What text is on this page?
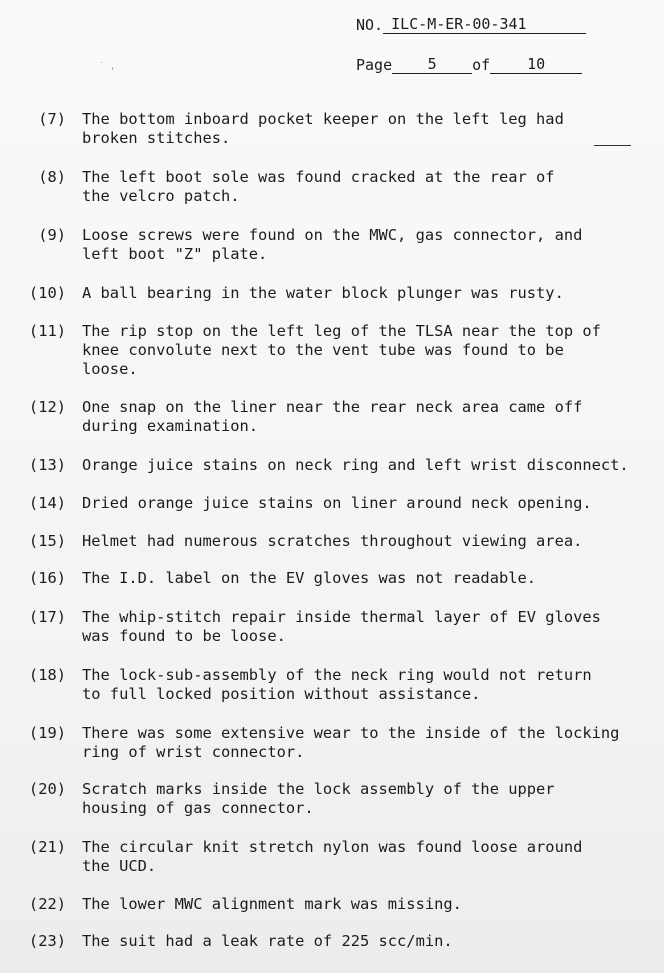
NO. ILC-M-ER-00-341
Page	5	of	10
˙ ‚
(7) The bottom inboard pocket keeper on the left leg had
broken stitches.
(8) The left boot sole was found cracked at the rear of
the velcro patch.
(9) Loose screws were found on the MWC, gas connector, and
left boot "Z" plate.
(10) A ball bearing in the water block plunger was rusty.
(11) The rip stop on the left leg of the TLSA near the top of
knee convolute next to the vent tube was found to be
loose.
(12) One snap on the liner near the rear neck area came off
during examination.
(13) Orange juice stains on neck ring and left wrist disconnect.
(14) Dried orange juice stains on liner around neck opening.
(15) Helmet had numerous scratches throughout viewing area.
(16) The I.D. label on the EV gloves was not readable.
(17) The whip-stitch repair inside thermal layer of EV gloves
was found to be loose.
(18) The lock-sub-assembly of the neck ring would not return
to full locked position without assistance.
(19) There was some extensive wear to the inside of the locking
ring of wrist connector.
(20) Scratch marks inside the lock assembly of the upper
housing of gas connector.
(21) The circular knit stretch nylon was found loose around
the UCD.
(22) The lower MWC alignment mark was missing.
(23) The suit had a leak rate of 225 scc/min.
